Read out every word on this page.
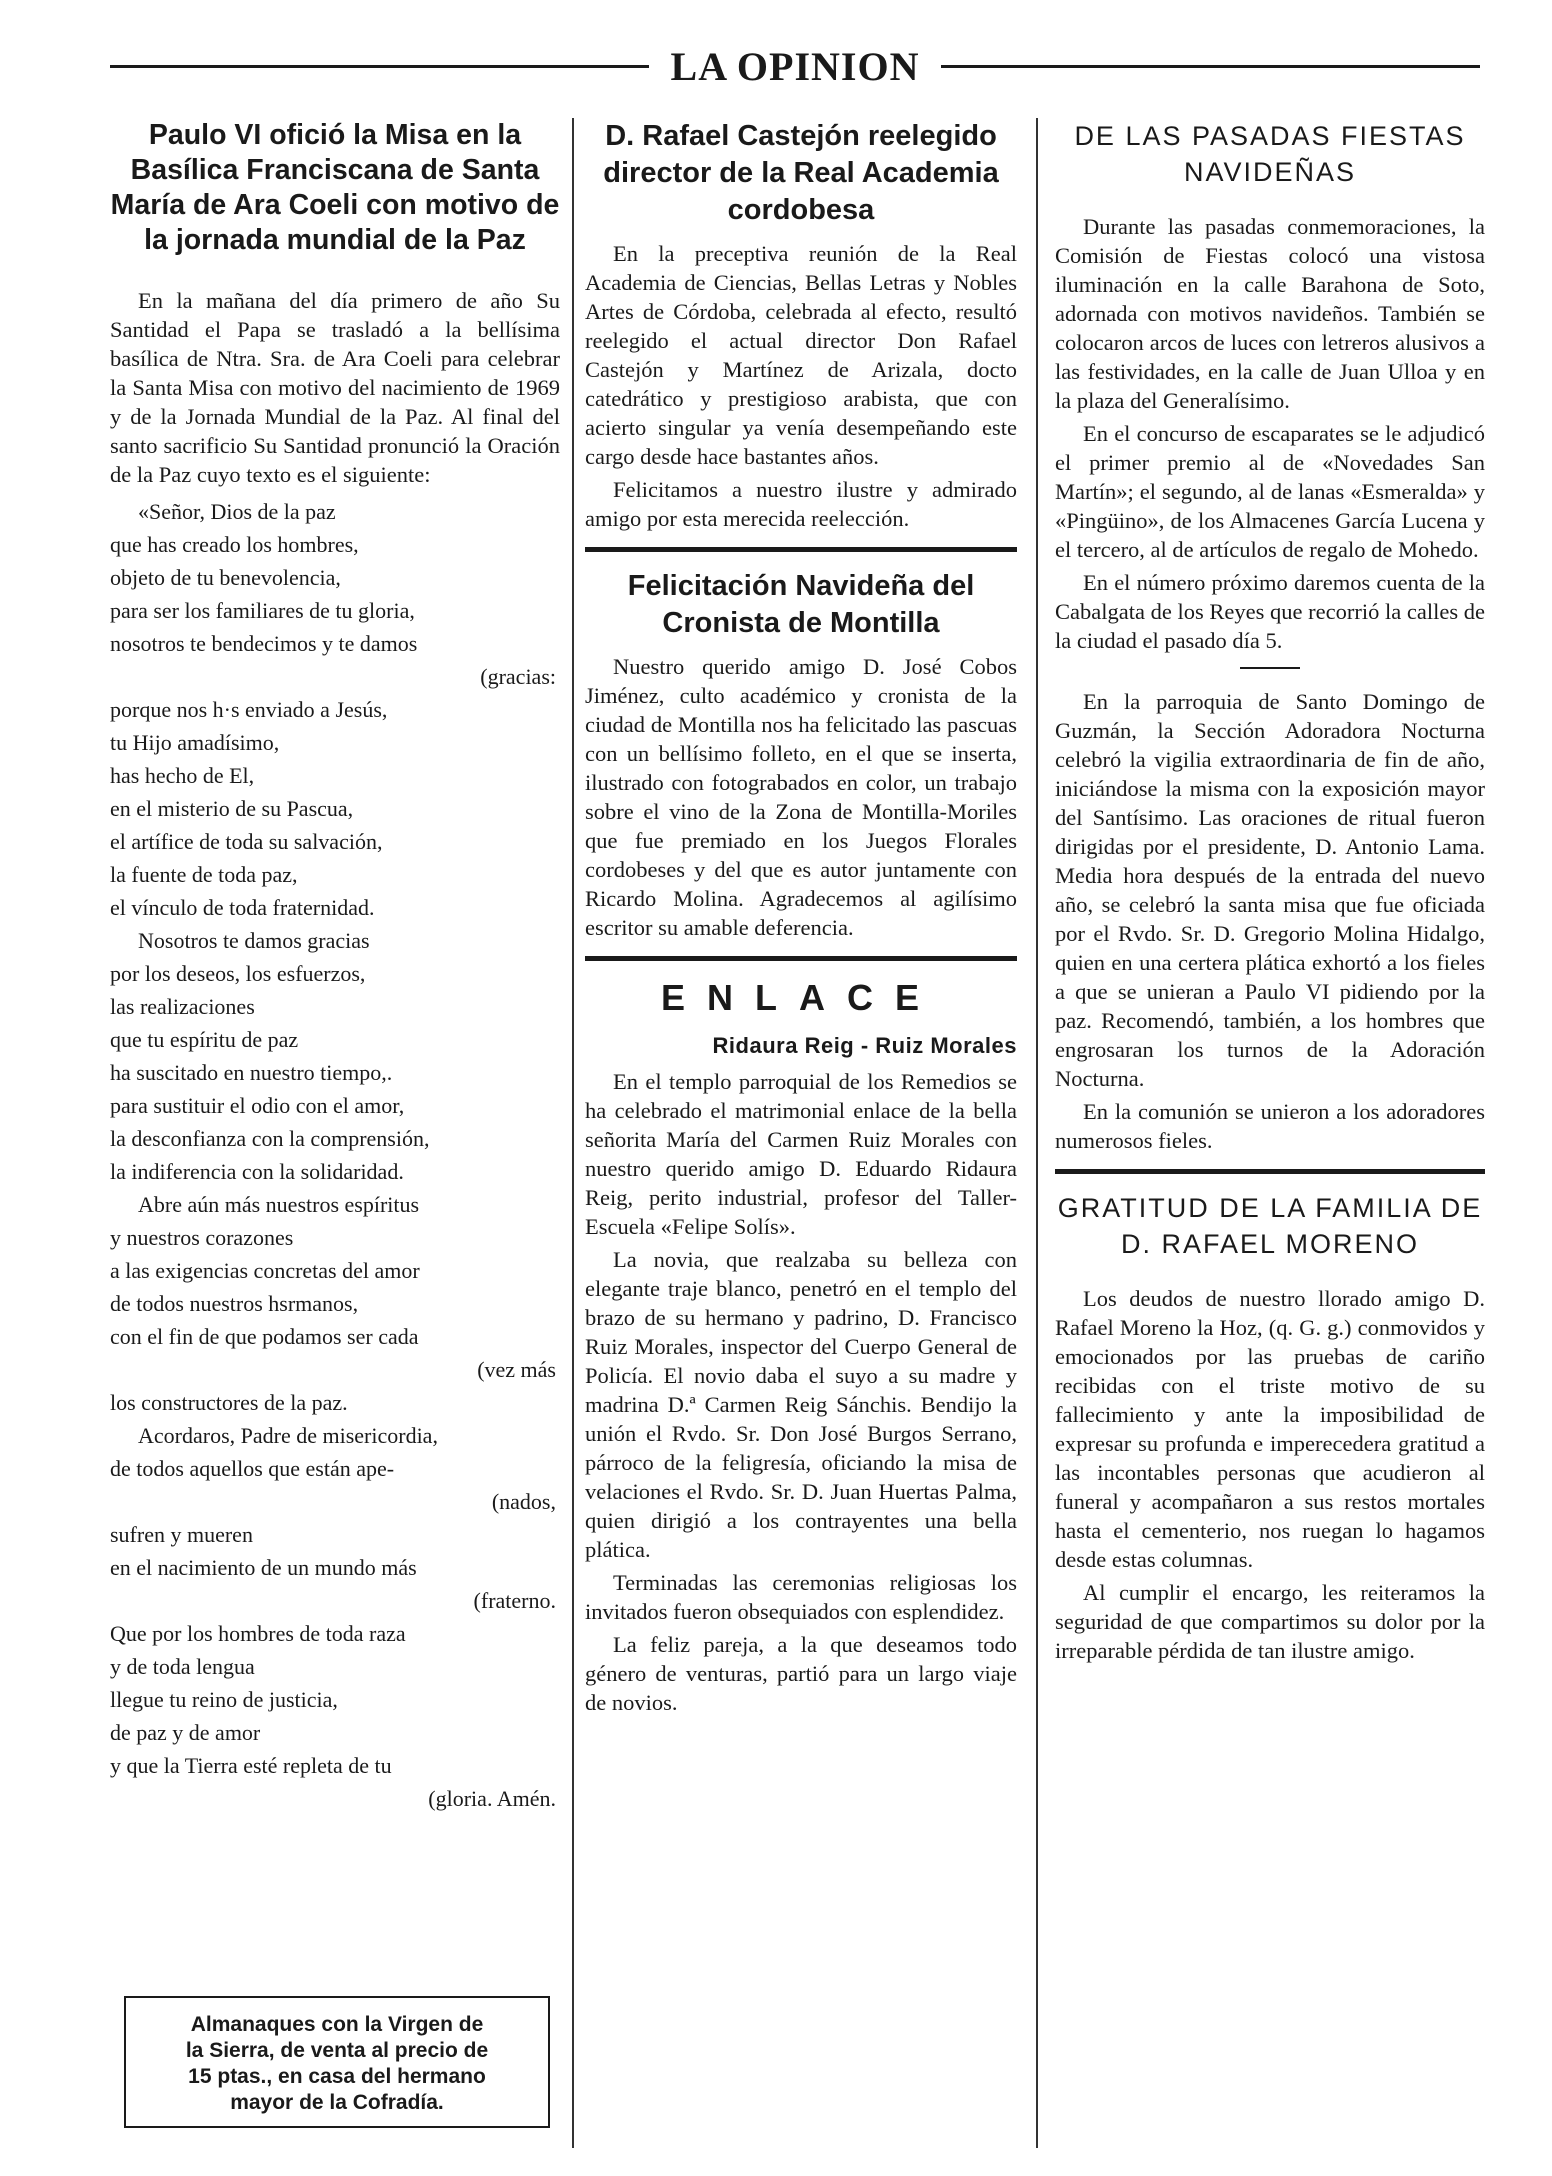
LA OPINION
Paulo VI ofició la Misa en la Basílica Franciscana de Santa María de Ara Coeli con motivo de la jornada mundial de la Paz

En la mañana del día primero de año Su Santidad el Papa se trasladó a la bellísima basílica de Ntra. Sra. de Ara Coeli para celebrar la Santa Misa con motivo del nacimiento de 1969 y de la Jornada Mundial de la Paz. Al final del santo sacrificio Su Santidad pronunció la Oración de la Paz cuyo texto es el siguiente:

«Señor, Dios de la paz
que has creado los hombres,
objeto de tu benevolencia,
para ser los familiares de tu gloria,
nosotros te bendecimos y te damos
(gracias:
porque nos h·s enviado a Jesús,
tu Hijo amadísimo,
has hecho de El,
en el misterio de su Pascua,
el artífice de toda su salvación,
la fuente de toda paz,
el vínculo de toda fraternidad.
Nosotros te damos gracias
por los deseos, los esfuerzos,
las realizaciones
que tu espíritu de paz
ha suscitado en nuestro tiempo,.
para sustituir el odio con el amor,
la desconfianza con la comprensión,
la indiferencia con la solidaridad.
Abre aún más nuestros espíritus
y nuestros corazones
a las exigencias concretas del amor
de todos nuestros hsrmanos,
con el fin de que podamos ser cada
(vez más
los constructores de la paz.
Acordaros, Padre de misericordia,
de todos aquellos que están ape-
(nados,
sufren y mueren
en el nacimiento de un mundo más
(fraterno.
Que por los hombres de toda raza
y de toda lengua
llegue tu reino de justicia,
de paz y de amor
y que la Tierra esté repleta de tu
(gloria. Amén.
Almanaques con la Virgen de
la Sierra, de venta al precio de
15 ptas., en casa del hermano
mayor de la Cofradía.
D. Rafael Castejón reelegido director de la Real Academia cordobesa

En la preceptiva reunión de la Real Academia de Ciencias, Bellas Letras y Nobles Artes de Córdoba, celebrada al efecto, resultó reelegido el actual director Don Rafael Castejón y Martínez de Arizala, docto catedrático y prestigioso arabista, que con acierto singular ya venía desempeñando este cargo desde hace bastantes años.

Felicitamos a nuestro ilustre y admirado amigo por esta merecida reelección.

Felicitación Navideña del Cronista de Montilla

Nuestro querido amigo D. José Cobos Jiménez, culto académico y cronista de la ciudad de Montilla nos ha felicitado las pascuas con un bellísimo folleto, en el que se inserta, ilustrado con fotograbados en color, un trabajo sobre el vino de la Zona de Montilla-Moriles que fue premiado en los Juegos Florales cordobeses y del que es autor juntamente con Ricardo Molina. Agradecemos al agilísimo escritor su amable deferencia.

ENLACE
Ridaura Reig - Ruiz Morales

En el templo parroquial de los Remedios se ha celebrado el matrimonial enlace de la bella señorita María del Carmen Ruiz Morales con nuestro querido amigo D. Eduardo Ridaura Reig, perito industrial, profesor del Taller-Escuela «Felipe Solís».

La novia, que realzaba su belleza con elegante traje blanco, penetró en el templo del brazo de su hermano y padrino, D. Francisco Ruiz Morales, inspector del Cuerpo General de Policía. El novio daba el suyo a su madre y madrina D.ª Carmen Reig Sánchis. Bendijo la unión el Rvdo. Sr. Don José Burgos Serrano, párroco de la feligresía, oficiando la misa de velaciones el Rvdo. Sr. D. Juan Huertas Palma, quien dirigió a los contrayentes una bella plática.

Terminadas las ceremonias religiosas los invitados fueron obsequiados con esplendidez.

La feliz pareja, a la que deseamos todo género de venturas, partió para un largo viaje de novios.

DE LAS PASADAS FIESTAS NAVIDEÑAS

Durante las pasadas conmemoraciones, la Comisión de Fiestas colocó una vistosa iluminación en la calle Barahona de Soto, adornada con motivos navideños. También se colocaron arcos de luces con letreros alusivos a las festividades, en la calle de Juan Ulloa y en la plaza del Generalísimo.

En el concurso de escaparates se le adjudicó el primer premio al de «Novedades San Martín»; el segundo, al de lanas «Esmeralda» y «Pingüino», de los Almacenes García Lucena y el tercero, al de artículos de regalo de Mohedo.

En el número próximo daremos cuenta de la Cabalgata de los Reyes que recorrió la calles de la ciudad el pasado día 5.

En la parroquia de Santo Domingo de Guzmán, la Sección Adoradora Nocturna celebró la vigilia extraordinaria de fin de año, iniciándose la misma con la exposición mayor del Santísimo. Las oraciones de ritual fueron dirigidas por el presidente, D. Antonio Lama. Media hora después de la entrada del nuevo año, se celebró la santa misa que fue oficiada por el Rvdo. Sr. D. Gregorio Molina Hidalgo, quien en una certera plática exhortó a los fieles a que se unieran a Paulo VI pidiendo por la paz. Recomendó, también, a los hombres que engrosaran los turnos de la Adoración Nocturna.

En la comunión se unieron a los adoradores numerosos fieles.

GRATITUD DE LA FAMILIA DE D. RAFAEL MORENO

Los deudos de nuestro llorado amigo D. Rafael Moreno la Hoz, (q. G. g.) conmovidos y emocionados por las pruebas de cariño recibidas con el triste motivo de su fallecimiento y ante la imposibilidad de expresar su profunda e imperecedera gratitud a las incontables personas que acudieron al funeral y acompañaron a sus restos mortales hasta el cementerio, nos ruegan lo hagamos desde estas columnas.

Al cumplir el encargo, les reiteramos la seguridad de que compartimos su dolor por la irreparable pérdida de tan ilustre amigo.
